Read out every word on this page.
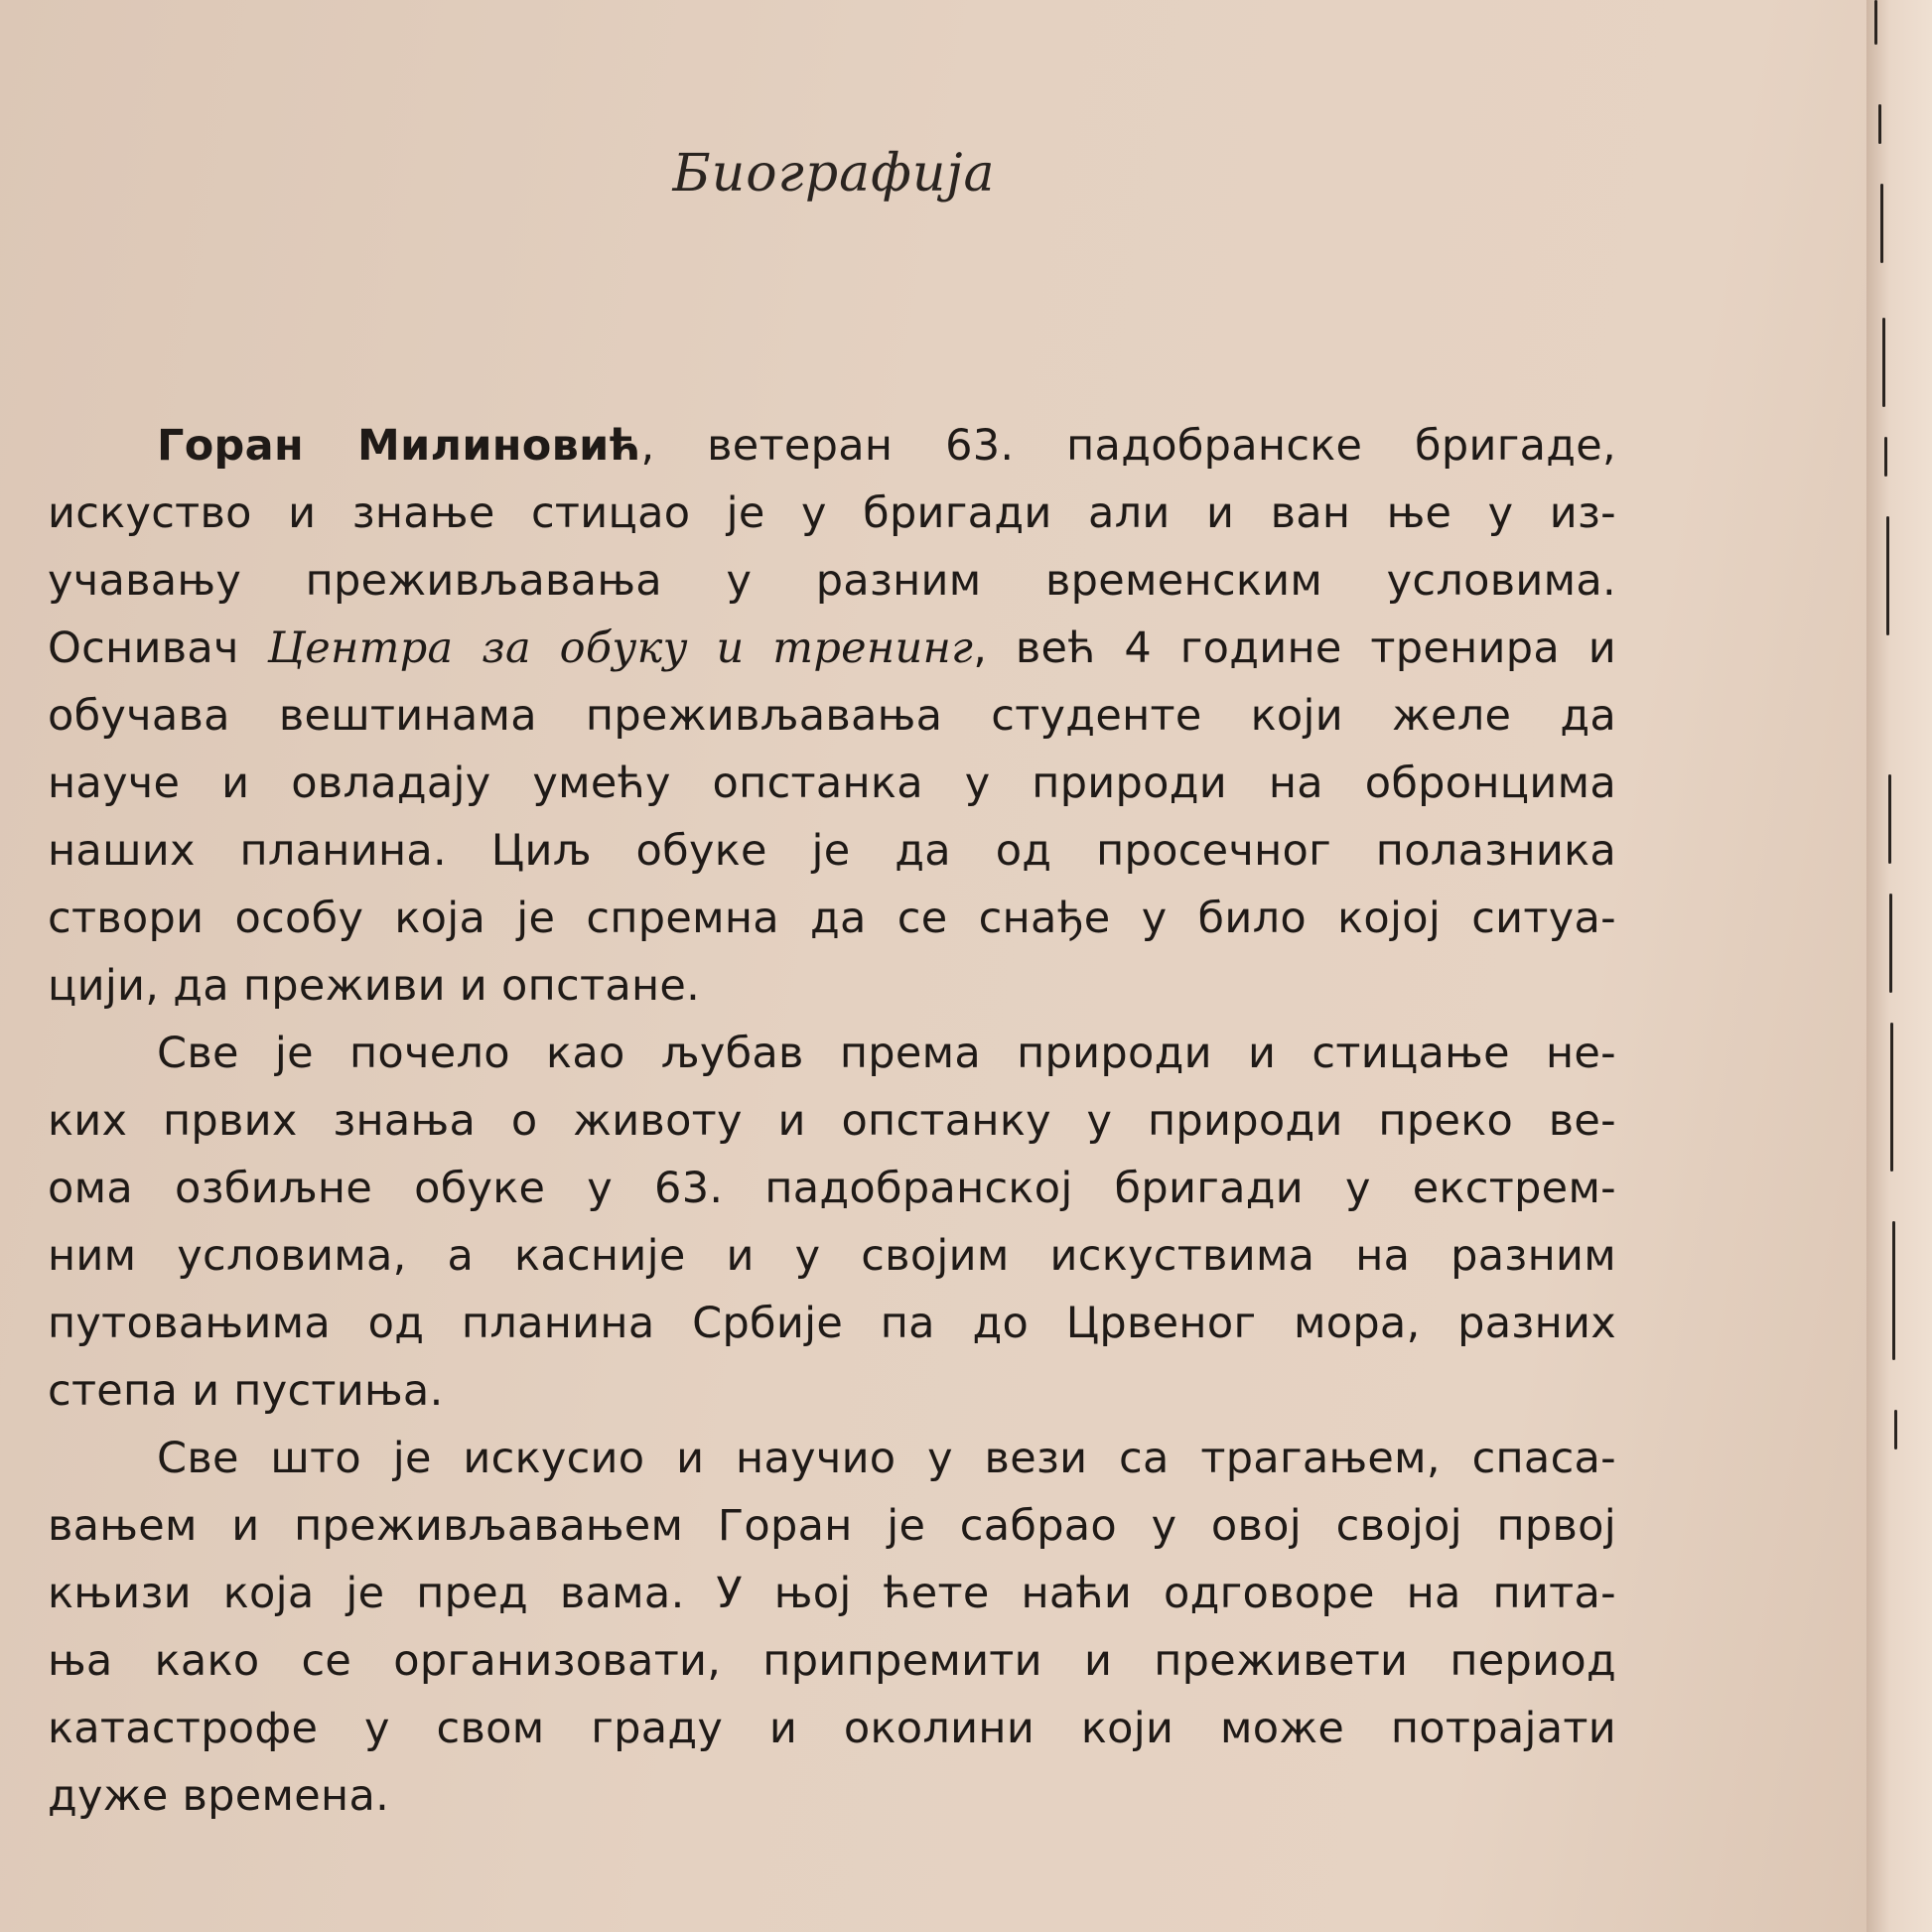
Биографија
Горан Милиновић, ветеран 63. падобранске бригаде,
искуство и знање стицао је у бригади али и ван ње у из-
учавању преживљавања у разним временским условима.
Оснивач Центра за обуку и тренинг, већ 4 године тренира и
обучава вештинама преживљавања студенте који желе да
науче и овладају умећу опстанка у природи на обронцима
наших планина. Циљ обуке је да од просечног полазника
створи особу која је спремна да се снађе у било којој ситуа-
цији, да преживи и опстане.
Све је почело као љубав према природи и стицање не-
ких првих знања о животу и опстанку у природи преко ве-
ома озбиљне обуке у 63. падобранској бригади у екстрем-
ним условима, а касније и у својим искуствима на разним
путовањима од планина Србије па до Црвеног мора, разних
степа и пустиња.
Све што је искусио и научио у вези са трагањем, спаса-
вањем и преживљавањем Горан је сабрао у овој својој првој
књизи која је пред вама. У њој ћете наћи одговоре на пита-
ња како се организовати, припремити и преживети период
катастрофе у свом граду и околини који може потрајати
дуже времена.
